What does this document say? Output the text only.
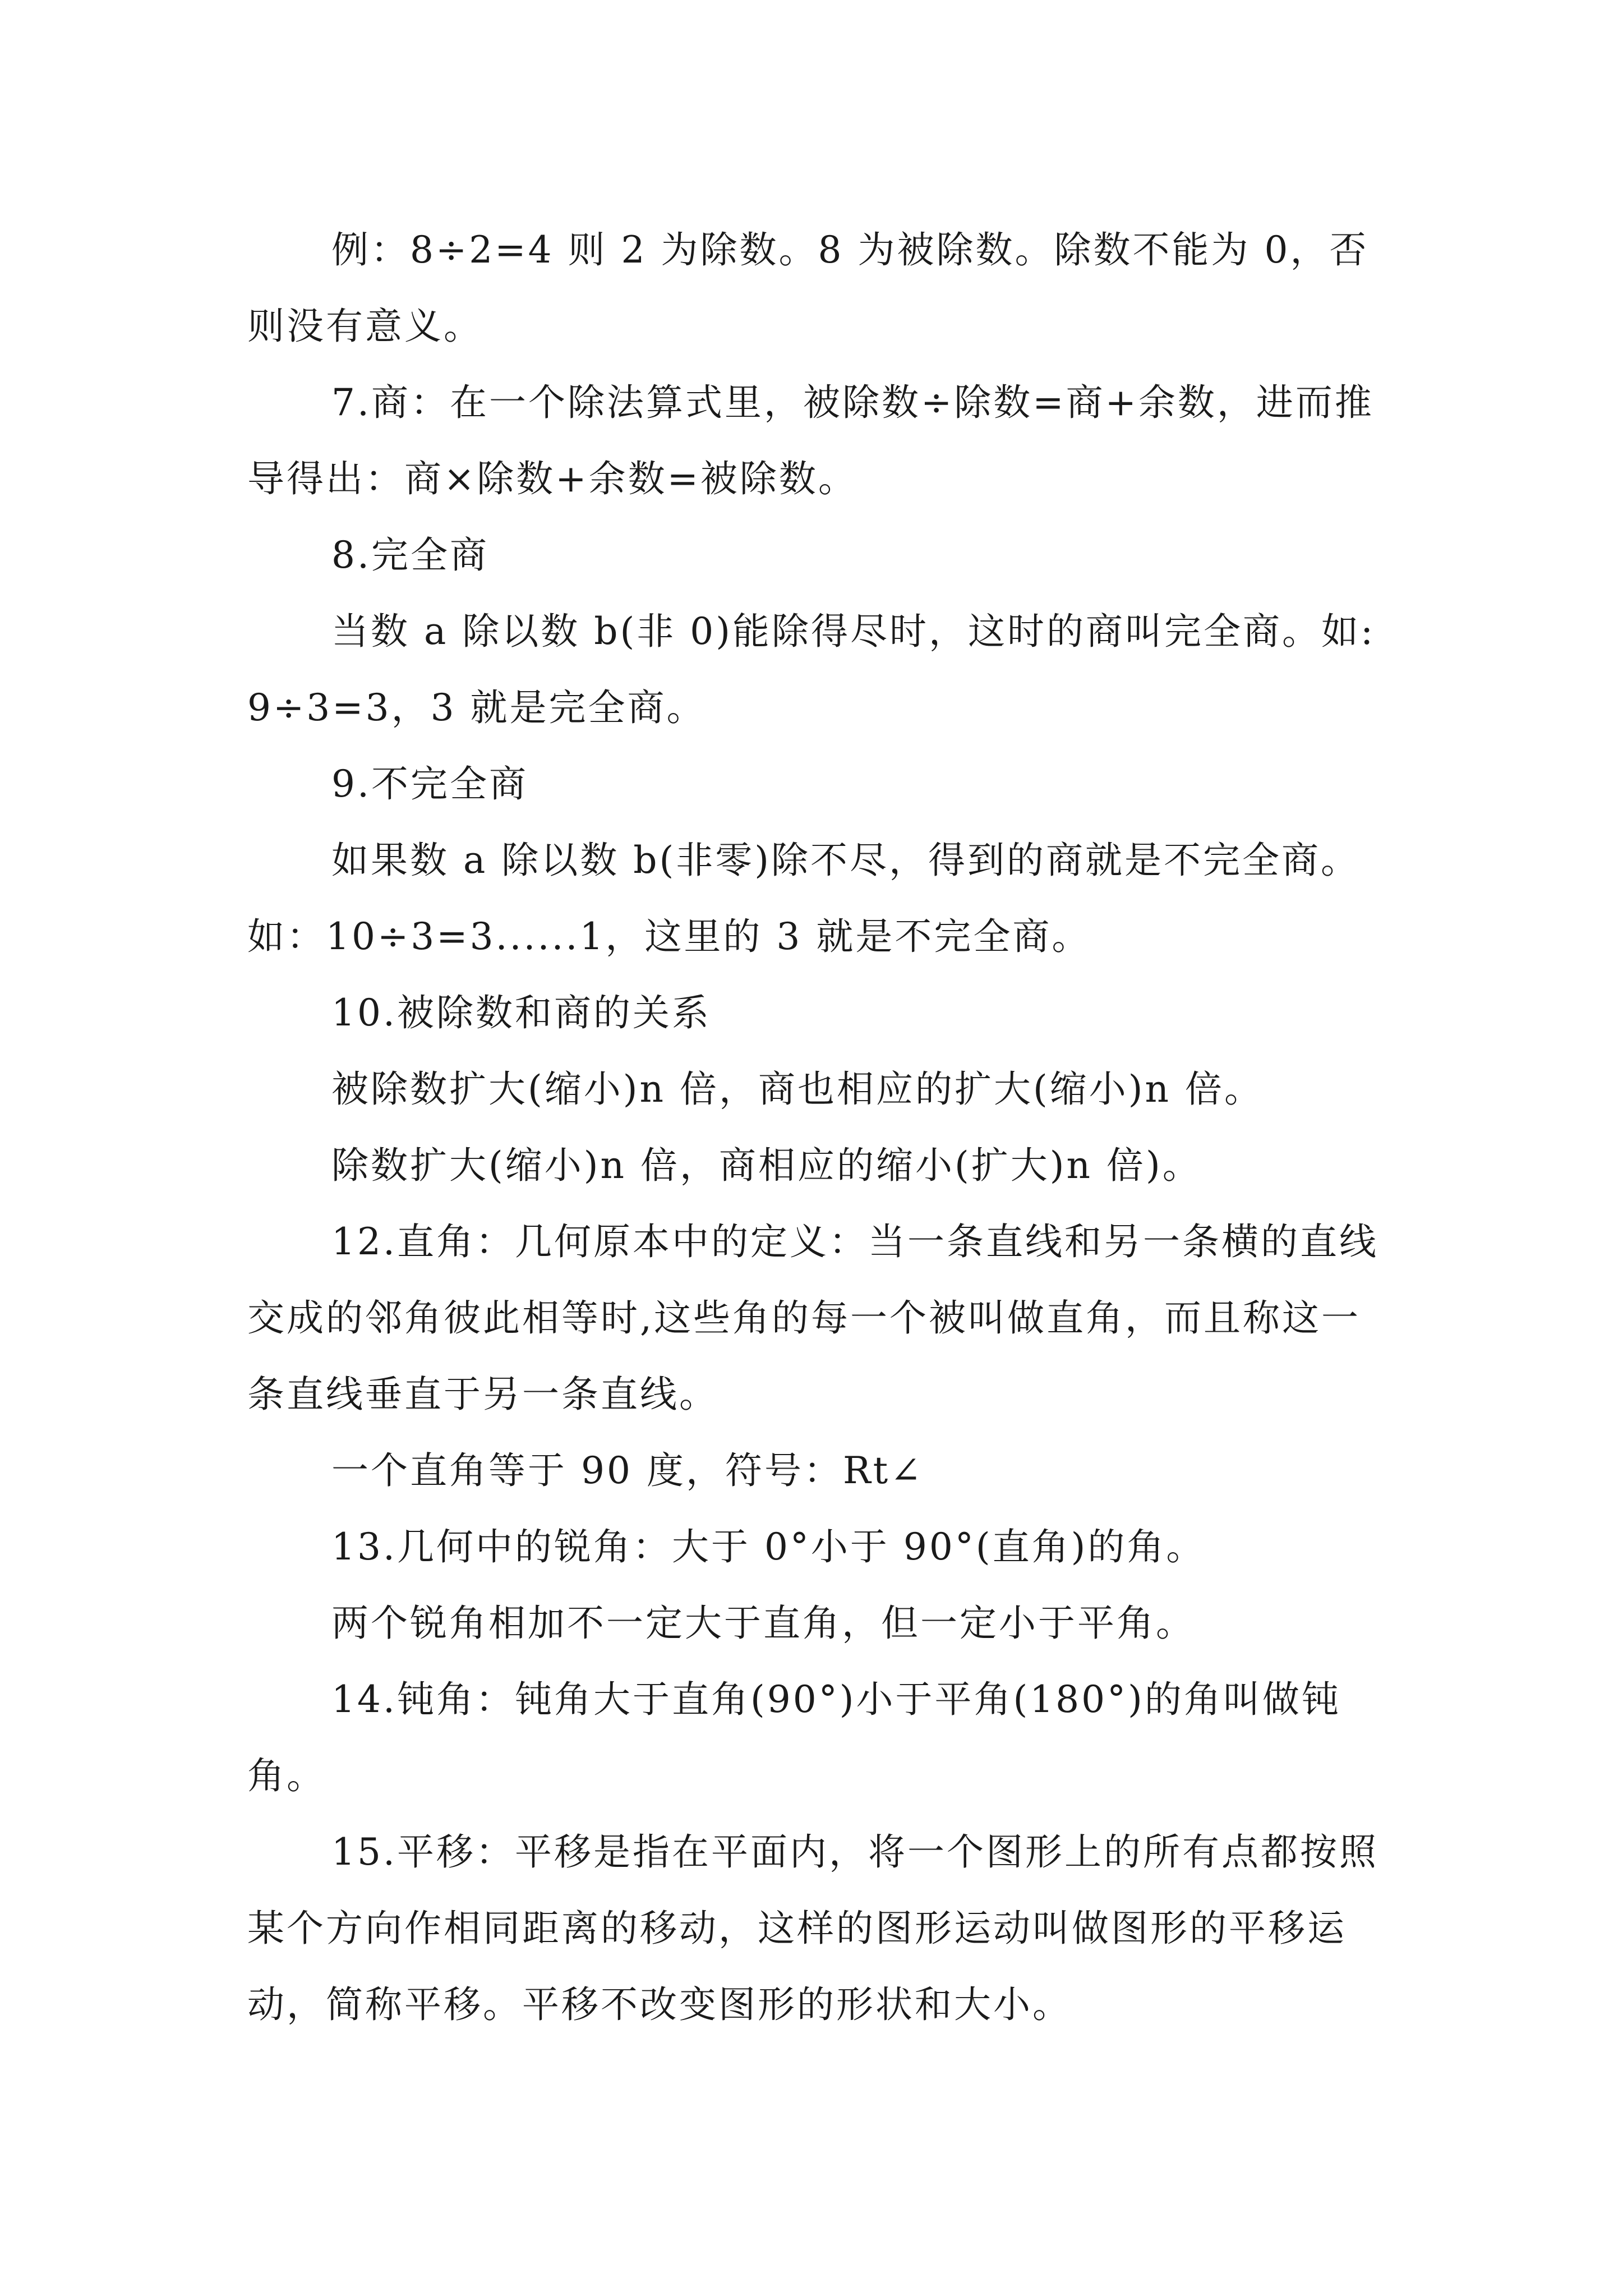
例：8÷2=4 则 2 为除数。8 为被除数。除数不能为 0，否则没有意义。

7.商：在一个除法算式里，被除数÷除数=商+余数，进而推导得出：商×除数+余数=被除数。

8.完全商

当数 a 除以数 b(非 0)能除得尽时，这时的商叫完全商。如:9÷3=3，3 就是完全商。

9.不完全商

如果数 a 除以数 b(非零)除不尽，得到的商就是不完全商。如：10÷3=3......1，这里的 3 就是不完全商。

10.被除数和商的关系

被除数扩大(缩小)n 倍，商也相应的扩大(缩小)n 倍。

除数扩大(缩小)n 倍，商相应的缩小(扩大)n 倍)。

12.直角：几何原本中的定义：当一条直线和另一条横的直线交成的邻角彼此相等时,这些角的每一个被叫做直角，而且称这一条直线垂直于另一条直线。

一个直角等于 90 度，符号：Rt∠

13.几何中的锐角：大于 0°小于 90°(直角)的角。

两个锐角相加不一定大于直角，但一定小于平角。

14.钝角：钝角大于直角(90°)小于平角(180°)的角叫做钝角。

15.平移：平移是指在平面内，将一个图形上的所有点都按照某个方向作相同距离的移动，这样的图形运动叫做图形的平移运动，简称平移。平移不改变图形的形状和大小。
